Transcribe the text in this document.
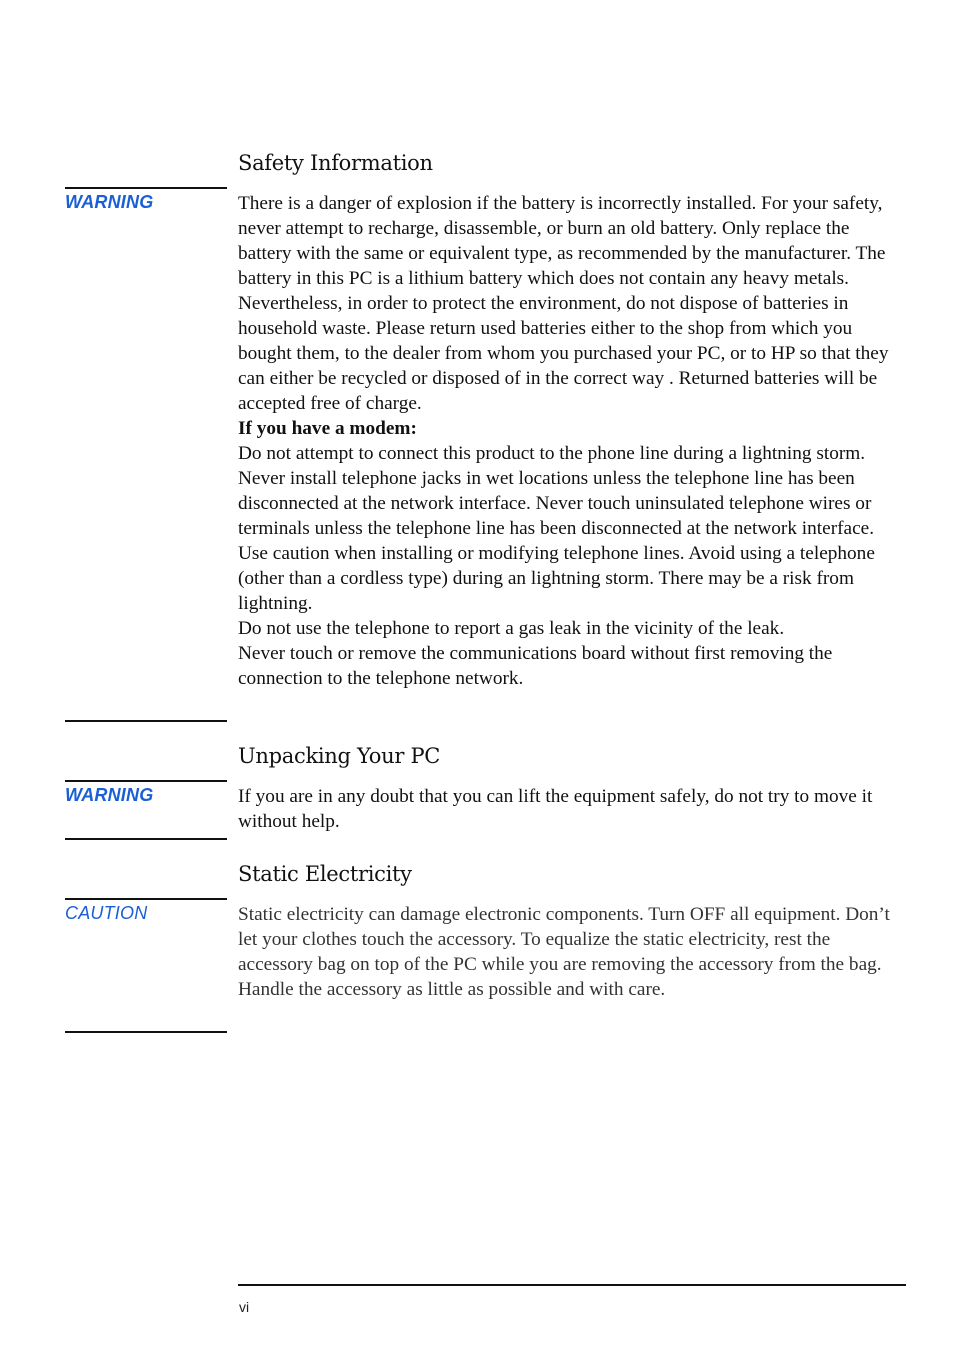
Safety Information
WARNING	There is a danger of explosion if the battery is incorrectly installed. For your safety, never attempt to recharge, disassemble, or burn an old battery. Only replace the battery with the same or equivalent type, as recommended by the manufacturer. The battery in this PC is a lithium battery which does not contain any heavy metals. Nevertheless, in order to protect the environment, do not dispose of batteries in household waste. Please return used batteries either to the shop from which you bought them, to the dealer from whom you purchased your PC, or to HP so that they can either be recycled or disposed of in the correct way . Returned batteries will be accepted free of charge.

If you have a modem:

Do not attempt to connect this product to the phone line during a lightning storm. Never install telephone jacks in wet locations unless the telephone line has been disconnected at the network interface. Never touch uninsulated telephone wires or terminals unless the telephone line has been disconnected at the network interface. Use caution when installing or modifying telephone lines. Avoid using a telephone (other than a cordless type) during an lightning storm. There may be a risk from lightning.

Do not use the telephone to report a gas leak in the vicinity of the leak.

Never touch or remove the communications board without first removing the connection to the telephone network.

Unpacking Your PC
WARNING	If you are in any doubt that you can lift the equipment safely, do not try to move it without help.

Static Electricity
CAUTION	Static electricity can damage electronic components. Turn OFF all equipment. Don’t let your clothes touch the accessory. To equalize the static electricity, rest the accessory bag on top of the PC while you are removing the accessory from the bag. Handle the accessory as little as possible and with care.

vi
